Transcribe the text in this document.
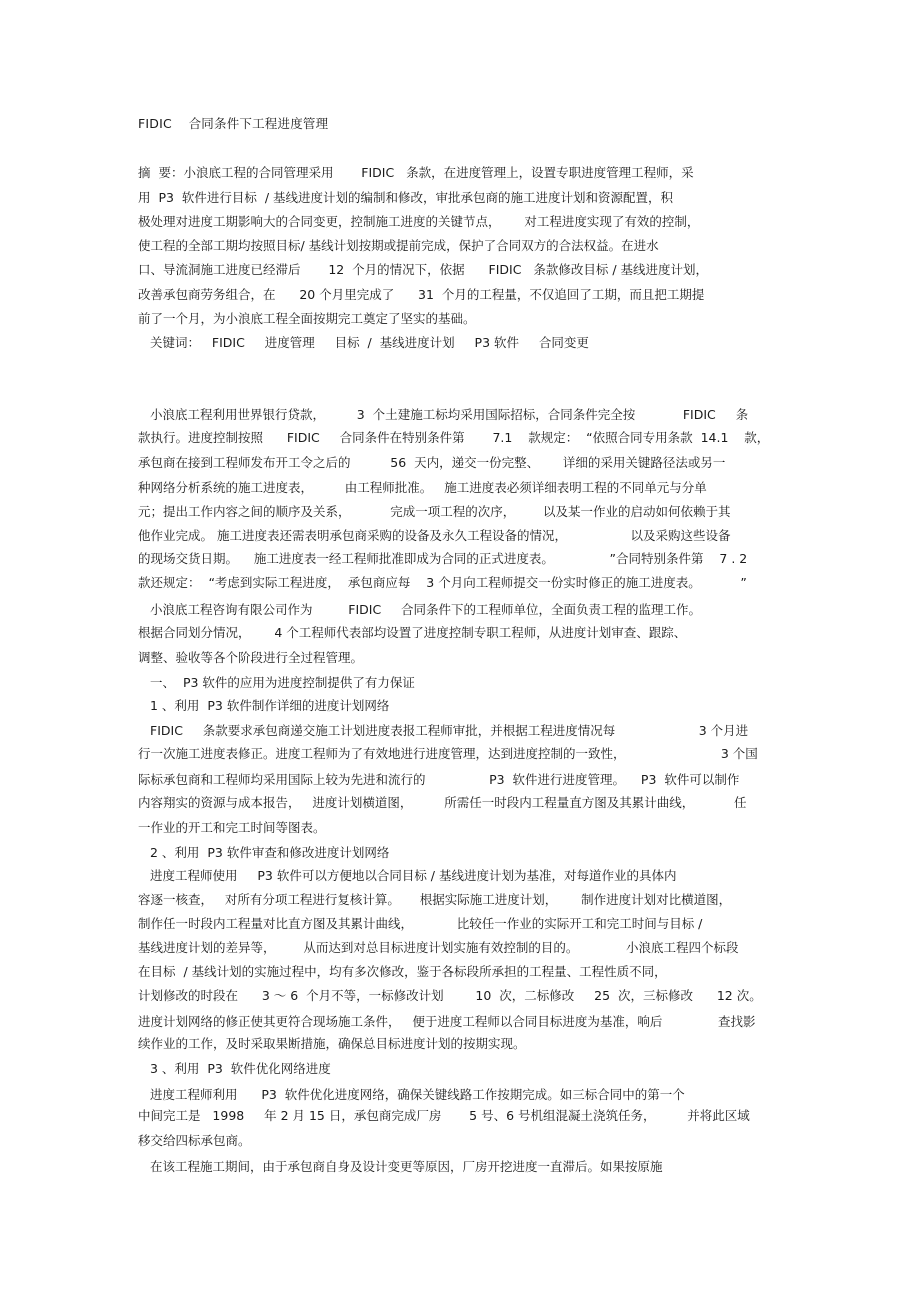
FIDIC    合同条件下工程进度管理
摘  要：小浪底工程的合同管理采用       FIDIC   条款，在进度管理上，设置专职进度管理工程师，采
用  P3  软件进行目标  / 基线进度计划的编制和修改，审批承包商的施工进度计划和资源配置，积
极处理对进度工期影响大的合同变更，控制施工进度的关键节点，      对工程进度实现了有效的控制，
使工程的全部工期均按照目标/ 基线计划按期或提前完成，保护了合同双方的合法权益。在进水
口、导流洞施工进度已经滞后       12  个月的情况下，依据      FIDIC   条款修改目标 / 基线进度计划，
改善承包商劳务组合，在      20 个月里完成了      31  个月的工程量，不仅追回了工期，而且把工期提
前了一个月，为小浪底工程全面按期完工奠定了坚实的基础。
关键词：   FIDIC     进度管理     目标  /  基线进度计划     P3 软件     合同变更
小浪底工程利用世界银行贷款，        3  个土建施工标均采用国际招标，合同条件完全按            FIDIC     条
款执行。进度控制按照      FIDIC     合同条件在特别条件第       7.1    款规定：  “依照合同专用条款  14.1    款，
承包商在接到工程师发布开工令之后的          56  天内，递交一份完整、      详细的采用关键路径法或另一
种网络分析系统的施工进度表，        由工程师批准。   施工进度表必须详细表明工程的不同单元与分单
元；提出工作内容之间的顺序及关系，          完成一项工程的次序，       以及某一作业的启动如何依赖于其
他作业完成。 施工进度表还需表明承包商采购的设备及永久工程设备的情况，                以及采购这些设备
的现场交货日期。    施工进度表一经工程师批准即成为合同的正式进度表。              ”合同特别条件第    7 . 2
款还规定：  “考虑到实际工程进度，  承包商应每    3 个月向工程师提交一份实时修正的施工进度表。          ”
小浪底工程咨询有限公司作为         FIDIC     合同条件下的工程师单位，全面负责工程的监理工作。
根据合同划分情况，      4 个工程师代表部均设置了进度控制专职工程师，从进度计划审查、跟踪、
调整、验收等各个阶段进行全过程管理。
一、  P3 软件的应用为进度控制提供了有力保证
1 、利用  P3 软件制作详细的进度计划网络
FIDIC     条款要求承包商递交施工计划进度表报工程师审批，并根据工程进度情况每                     3 个月进
行一次施工进度表修正。进度工程师为了有效地进行进度管理，达到进度控制的一致性，                        3 个国
际标承包商和工程师均采用国际上较为先进和流行的                P3  软件进行进度管理。    P3  软件可以制作
内容翔实的资源与成本报告，   进度计划横道图，        所需任一时段内工程量直方图及其累计曲线，          任
一作业的开工和完工时间等图表。
2 、利用  P3 软件审查和修改进度计划网络
进度工程师使用     P3 软件可以方便地以合同目标 / 基线进度计划为基准，对每道作业的具体内
容逐一核查，   对所有分项工程进行复核计算。     根据实际施工进度计划，      制作进度计划对比横道图，
制作任一时段内工程量对比直方图及其累计曲线，           比较任一作业的实际开工和完工时间与目标 /
基线进度计划的差异等，       从而达到对总目标进度计划实施有效控制的目的。            小浪底工程四个标段
在目标  / 基线计划的实施过程中，均有多次修改，鉴于各标段所承担的工程量、工程性质不同，
计划修改的时段在      3 ～ 6  个月不等，一标修改计划        10  次，二标修改     25  次，三标修改      12 次。
进度计划网络的修正使其更符合现场施工条件，   便于进度工程师以合同目标进度为基准，响后              查找影
续作业的工作，及时采取果断措施，确保总目标进度计划的按期实现。
3 、利用  P3  软件优化网络进度
进度工程师利用      P3  软件优化进度网络，确保关键线路工作按期完成。如三标合同中的第一个
中间完工是   1998     年 2 月 15 日，承包商完成厂房       5 号、6 号机组混凝土浇筑任务，        并将此区域
移交给四标承包商。
在该工程施工期间，由于承包商自身及设计变更等原因，厂房开挖进度一直滞后。如果按原施
